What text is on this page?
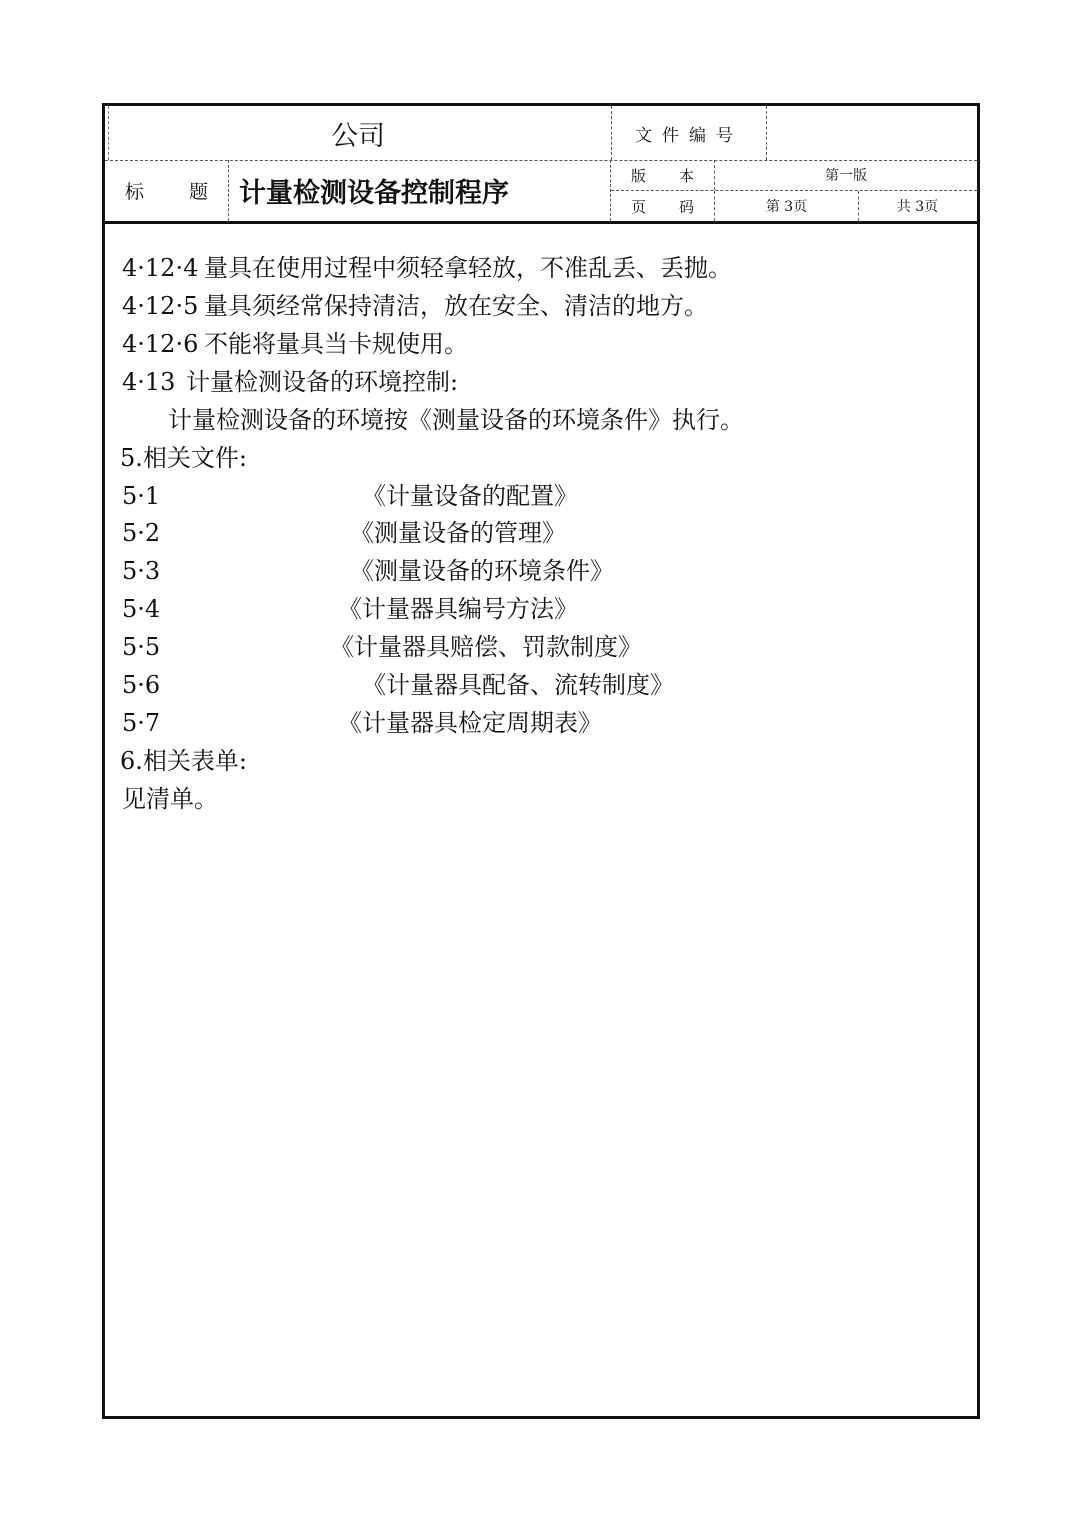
公司	文件编号
标 题	计量检测设备控制程序
版 本	第一版
页 码	第 3页	共 3页
4·12·4 量具在使用过程中须轻拿轻放，不准乱丢、丢抛。
4·12·5 量具须经常保持清洁，放在安全、清洁的地方。
4·12·6 不能将量具当卡规使用。
4·13 计量检测设备的环境控制:
计量检测设备的环境按《测量设备的环境条件》执行。
5.相关文件:
5·1	《计量设备的配置》
5·2	《测量设备的管理》
5·3	《测量设备的环境条件》
5·4	《计量器具编号方法》
5·5	《计量器具赔偿、罚款制度》
5·6	《计量器具配备、流转制度》
5·7	《计量器具检定周期表》
6.相关表单:
见清单。
